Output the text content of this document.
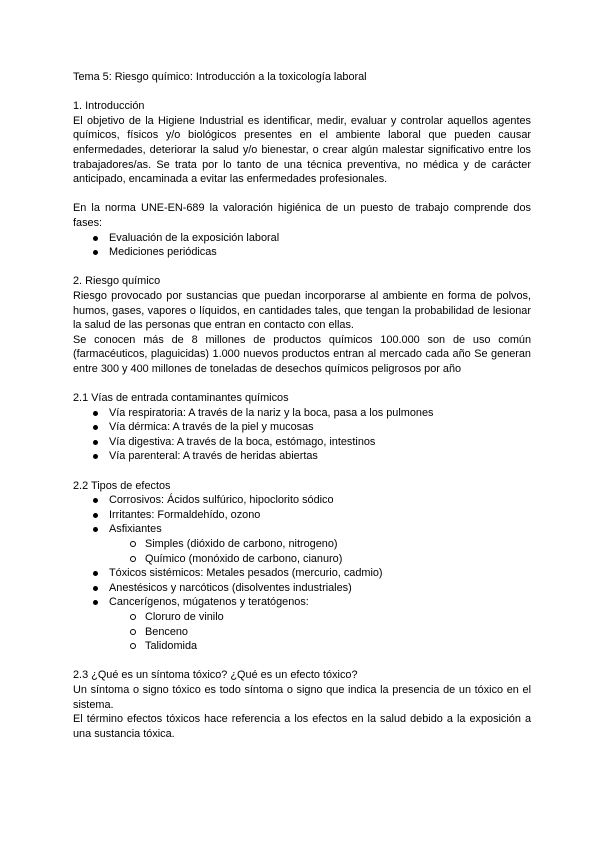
Tema 5: Riesgo químico: Introducción a la toxicología laboral

1. Introducción

El objetivo de la Higiene Industrial es identificar, medir, evaluar y controlar aquellos agentes químicos, físicos y/o biológicos presentes en el ambiente laboral que pueden causar enfermedades, deteriorar la salud y/o bienestar, o crear algún malestar significativo entre los trabajadores/as. Se trata por lo tanto de una técnica preventiva, no médica y de carácter anticipado, encaminada a evitar las enfermedades profesionales.

En la norma UNE-EN-689 la valoración higiénica de un puesto de trabajo comprende dos fases:

Evaluación de la exposición laboral
Mediciones periódicas

2. Riesgo químico

Riesgo provocado por sustancias que puedan incorporarse al ambiente en forma de polvos, humos, gases, vapores o líquidos, en cantidades tales, que tengan la probabilidad de lesionar la salud de las personas que entran en contacto con ellas.

Se conocen más de 8 millones de productos químicos 100.000 son de uso común (farmacéuticos, plaguicidas) 1.000 nuevos productos entran al mercado cada año Se generan entre 300 y 400 millones de toneladas de desechos químicos peligrosos por año

2.1 Vías de entrada contaminantes químicos

Vía respiratoria: A través de la nariz y la boca, pasa a los pulmones
Vía dérmica: A través de la piel y mucosas
Vía digestiva: A través de la boca, estómago, intestinos
Vía parenteral: A través de heridas abiertas

2.2 Tipos de efectos

Corrosivos: Ácidos sulfúrico, hipoclorito sódico
Irritantes: Formaldehído, ozono
Asfixiantes
Simples (dióxido de carbono, nitrogeno)
Químico (monóxido de carbono, cianuro)
Tóxicos sistémicos: Metales pesados (mercurio, cadmio)
Anestésicos y narcóticos (disolventes industriales)
Cancerígenos, múgatenos y teratógenos:
Cloruro de vinilo
Benceno
Talidomida

2.3 ¿Qué es un síntoma tóxico? ¿Qué es un efecto tóxico?

Un síntoma o signo tóxico es todo síntoma o signo que indica la presencia de un tóxico en el sistema.

El término efectos tóxicos hace referencia a los efectos en la salud debido a la exposición a una sustancia tóxica.
